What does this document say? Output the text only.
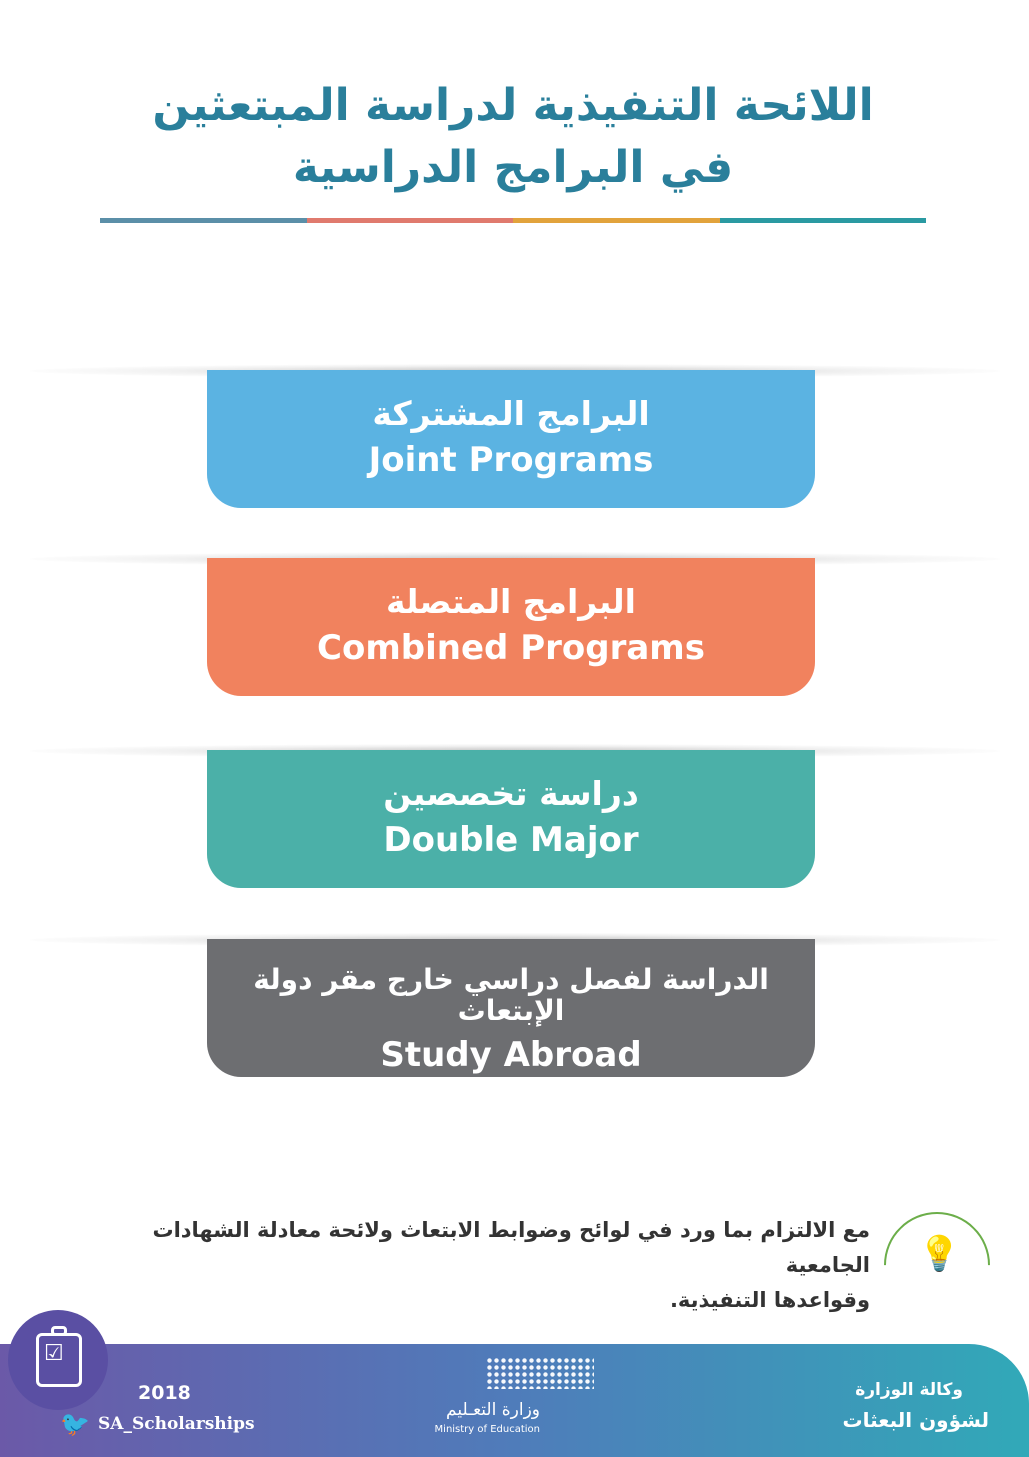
اللائحة التنفيذية لدراسة المبتعثين
في البرامج الدراسية
البرامج المشتركة
Joint Programs
البرامج المتصلة
Combined Programs
دراسة تخصصين
Double Major
الدراسة لفصل دراسي خارج مقر دولة الإبتعاث
Study Abroad
مع الالتزام بما ورد في لوائح وضوابط الابتعاث ولائحة معادلة الشهادات الجامعية
وقواعدها التنفيذية.
💡
☑
2018
🐦 SA_Scholarships
وزارة التعـليم
Ministry of Education
وكالة الوزارة
لشؤون البعثات
